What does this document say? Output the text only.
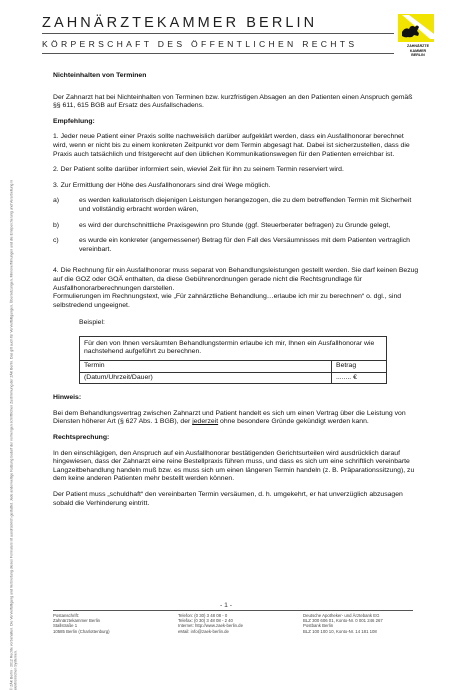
ZAHNÄRZTEKAMMER BERLIN
KÖRPERSCHAFT DES ÖFFENTLICHEN RECHTS	ZAHNÄRZTE
KAMMER
BERLIN
© ZÄK Berlin · 2012 Rechte vorbehalten. Die Vervielfältigung und Verbreitung dieses Formulars ist ausdrücklich gestattet. Jede anderweitige Nutzung bedarf der vorherigen schriftlichen Zustimmung der ZÄK Berlin. Das gilt auch für Vervielfältigungen, Übersetzungen, Mikroverfilmungen und die Einspeicherung und Verarbeitung in elektronischen Systemen.

Nichteinhalten von Terminen

Der Zahnarzt hat bei Nichteinhalten von Terminen bzw. kurzfristigen Absagen an den Patienten einen Anspruch gemäß §§ 611, 615 BGB auf Ersatz des Ausfallschadens.

Empfehlung:

1. Jeder neue Patient einer Praxis sollte nachweislich darüber aufgeklärt werden, dass ein Ausfallhonorar berechnet wird, wenn er nicht bis zu einem konkreten Zeitpunkt vor dem Termin abgesagt hat. Dabei ist sicherzustellen, dass die Praxis auch tatsächlich und fristgerecht auf den üblichen Kommunikationswegen für den Patienten erreichbar ist.

2. Der Patient sollte darüber informiert sein, wieviel Zeit für ihn zu seinem Termin reserviert wird.

3. Zur Ermittlung der Höhe des Ausfallhonorars sind drei Wege möglich.

a)	es werden kalkulatorisch diejenigen Leistungen herangezogen, die zu dem betreffenden Termin mit Sicherheit und vollständig erbracht worden wären,
b)	es wird der durchschnittliche Praxisgewinn pro Stunde (ggf. Steuerberater befragen) zu Grunde gelegt,
c)	es wurde ein konkreter (angemessener) Betrag für den Fall des Versäumnisses mit dem Patienten vertraglich vereinbart.

4. Die Rechnung für ein Ausfallhonorar muss separat von Behandlungsleistungen gestellt werden. Sie darf keinen Bezug auf die GOZ oder GOÄ enthalten, da diese Gebührenordnungen gerade nicht die Rechtsgrundlage für Ausfallhonorarberechnungen darstellen.

Formulierungen im Rechnungstext, wie „Für zahnärztliche Behandlung…erlaube ich mir zu berechnen“ o. dgl., sind selbstredend ungeeignet.

Beispiel:

Für den von Ihnen versäumten Behandlungstermin erlaube ich mir, Ihnen ein Ausfallhonorar wie nachstehend aufgeführt zu berechnen.
Termin	Betrag
(Datum/Uhrzeit/Dauer)	........ €

Hinweis:

Bei dem Behandlungsvertrag zwischen Zahnarzt und Patient handelt es sich um einen Vertrag über die Leistung von Diensten höherer Art (§ 627 Abs. 1 BGB), der jederzeit ohne besondere Gründe gekündigt werden kann.

Rechtsprechung:

In den einschlägigen, den Anspruch auf ein Ausfallhonorar bestätigenden Gerichtsurteilen wird ausdrücklich darauf hingewiesen, dass der Zahnarzt eine reine Bestellpraxis führen muss, und dass es sich um eine schriftlich vereinbarte Langzeitbehandlung handeln muß bzw. es muss sich um einen längeren Termin handeln (z. B. Präparationssitzung), zu dem keine anderen Patienten mehr bestellt werden können.

Der Patient muss „schuldhaft“ den vereinbarten Termin versäumen, d. h. umgekehrt, er hat unverzüglich abzusagen sobald die Verhinderung eintritt.

- 1 -
Postanschrift:
Zahnärztekammer Berlin
Stallstraße 1
10585 Berlin (Charlottenburg)
Telefon: (0 30) 3 48 08 - 0
Telefax: (0 30) 3 48 08 - 2 40
Internet: http://www.zaek-berlin.de
eMail: info@zaek-berlin.de
Deutsche Apotheker- und Ärztebank EG
BLZ 300 606 01, Konto-Nr. 0 001 246 267
Postbank Berlin
BLZ 100 100 10, Konto-Nr. 14 181 108
